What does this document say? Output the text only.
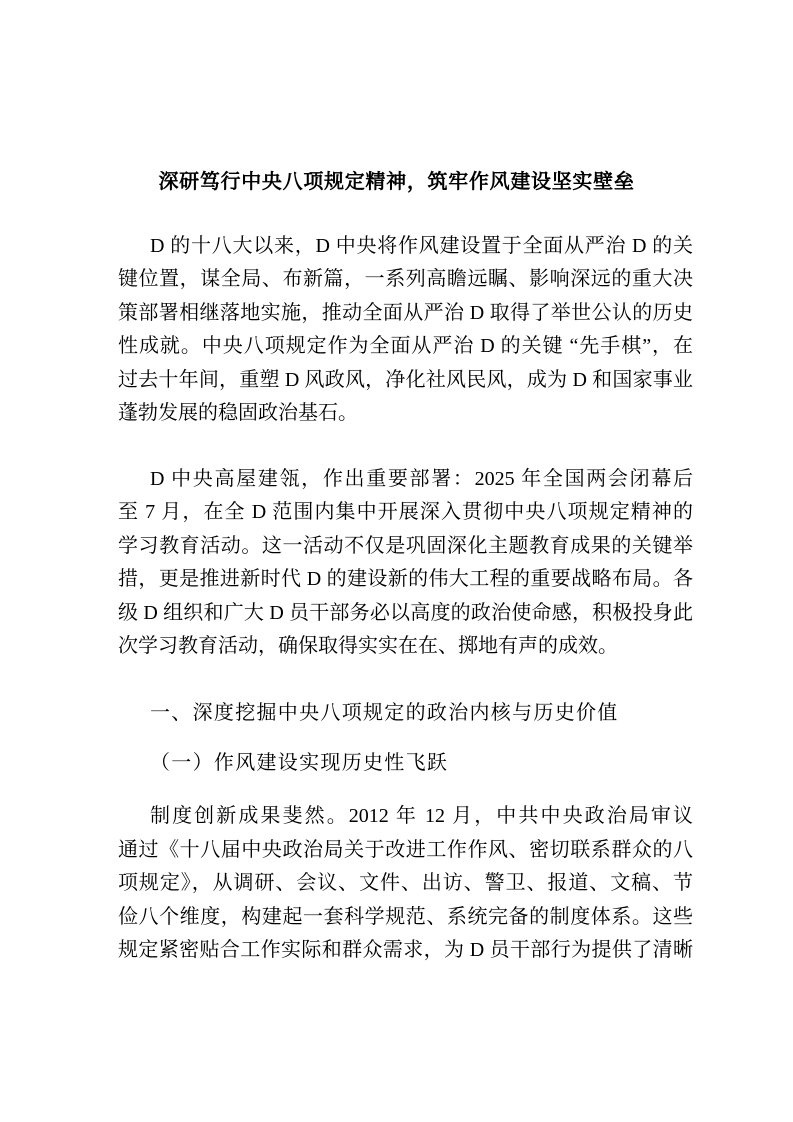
深研笃行中央八项规定精神，筑牢作风建设坚实壁垒
D 的十八大以来，D 中央将作风建设置于全面从严治 D 的关
键位置，谋全局、布新篇，一系列高瞻远瞩、影响深远的重大决
策部署相继落地实施，推动全面从严治 D 取得了举世公认的历史
性成就。中央八项规定作为全面从严治 D 的关键 “先手棋”，在
过去十年间，重塑 D 风政风，净化社风民风，成为 D 和国家事业
蓬勃发展的稳固政治基石。
D 中央高屋建瓴，作出重要部署：2025 年全国两会闭幕后
至 7 月，在全 D 范围内集中开展深入贯彻中央八项规定精神的
学习教育活动。这一活动不仅是巩固深化主题教育成果的关键举
措，更是推进新时代 D 的建设新的伟大工程的重要战略布局。各
级 D 组织和广大 D 员干部务必以高度的政治使命感，积极投身此
次学习教育活动，确保取得实实在在、掷地有声的成效。
一、深度挖掘中央八项规定的政治内核与历史价值
（一）作风建设实现历史性飞跃
制度创新成果斐然。2012 年 12 月，中共中央政治局审议
通过《十八届中央政治局关于改进工作作风、密切联系群众的八
项规定》，从调研、会议、文件、出访、警卫、报道、文稿、节
俭八个维度，构建起一套科学规范、系统完备的制度体系。这些
规定紧密贴合工作实际和群众需求，为 D 员干部行为提供了清晰
